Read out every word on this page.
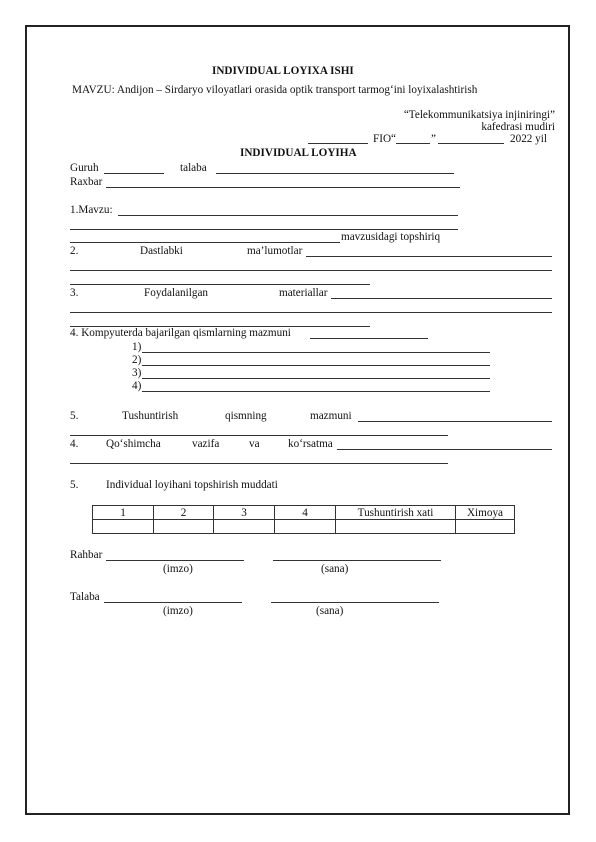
INDIVIDUAL LOYIXA ISHI
MAVZU: Andijon – Sirdaryo viloyatlari orasida optik transport tarmogʻini loyixalashtirish
“Telekommunikatsiya injiniringi”
kafedrasi mudiri
FIO“	”	2022 yil
INDIVIDUAL LOYIHA
Guruh	talaba
Raxbar
1.Mavzu:
mavzusidagi topshiriq
2.	Dastlabki	ma’lumotlar
3.	Foydalanilgan	materiallar
4. Kompyuterda bajarilgan qismlarning mazmuni
1)
2)
3)
4)
5.	Tushuntirish	qismning	mazmuni
4. Qoʻshimcha	vazifa	va	koʻrsatma
5. Individual loyihani topshirish muddati
1	2	3	4	Tushuntirish xati	Ximoya

Rahbar
(imzo)	(sana)
Talaba
(imzo)	(sana)
